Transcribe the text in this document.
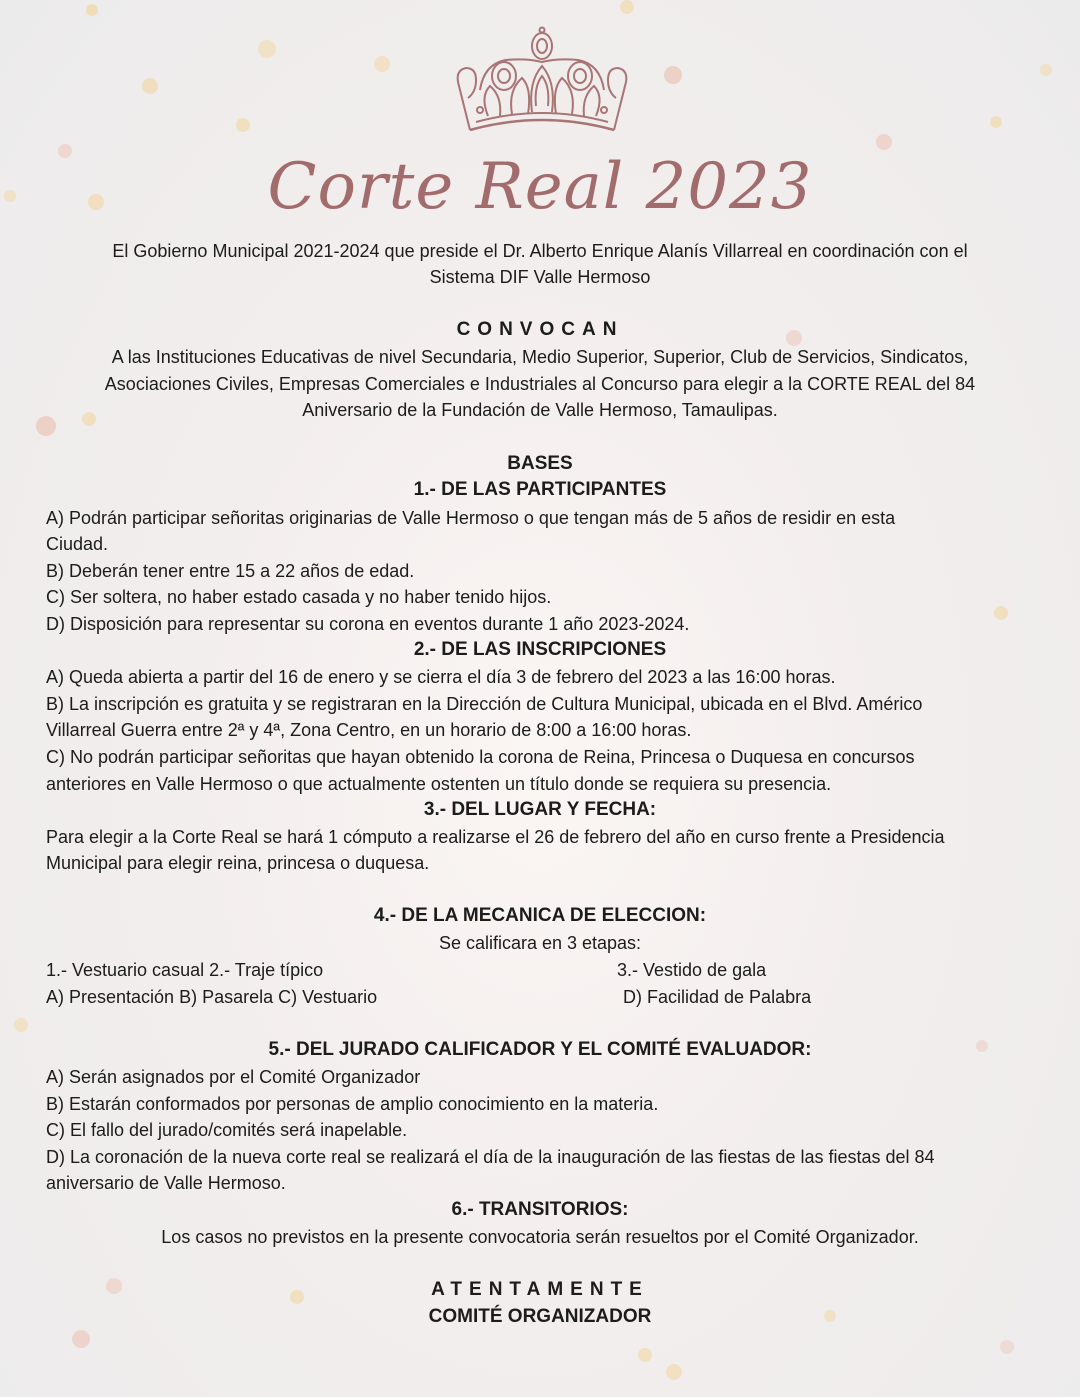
Corte Real 2023
El Gobierno Municipal 2021-2024 que preside el Dr. Alberto Enrique Alanís Villarreal en coordinación con el
Sistema DIF Valle Hermoso
CONVOCAN
A las Instituciones Educativas de nivel Secundaria, Medio Superior, Superior, Club de Servicios, Sindicatos,
Asociaciones Civiles, Empresas Comerciales e Industriales al Concurso para elegir a la CORTE REAL del 84
Aniversario de la Fundación de Valle Hermoso, Tamaulipas.
BASES
1.- DE LAS PARTICIPANTES
A) Podrán participar señoritas originarias de Valle Hermoso o que tengan más de 5 años de residir en esta
Ciudad.
B) Deberán tener entre 15 a 22 años de edad.
C) Ser soltera, no haber estado casada y no haber tenido hijos.
D) Disposición para representar su corona en eventos durante 1 año 2023-2024.
2.- DE LAS INSCRIPCIONES
A) Queda abierta a partir del 16 de enero y se cierra el día 3 de febrero del 2023 a las 16:00 horas.
B) La inscripción es gratuita y se registraran en la Dirección de Cultura Municipal, ubicada en el Blvd. Américo
Villarreal Guerra entre 2ª y 4ª, Zona Centro, en un horario de 8:00 a 16:00 horas.
C) No podrán participar señoritas que hayan obtenido la corona de Reina, Princesa o Duquesa en concursos
anteriores en Valle Hermoso o que actualmente ostenten un título donde se requiera su presencia.
3.- DEL LUGAR Y FECHA:
Para elegir a la Corte Real se hará 1 cómputo a realizarse el 26 de febrero del año en curso frente a Presidencia
Municipal para elegir reina, princesa o duquesa.
4.- DE LA MECANICA DE ELECCION:
Se calificara en 3 etapas:
1.- Vestuario casual 2.- Traje típico	3.- Vestido de gala
A) Presentación B) Pasarela C) Vestuario	D) Facilidad de Palabra
5.- DEL JURADO CALIFICADOR Y EL COMITÉ EVALUADOR:
A) Serán asignados por el Comité Organizador
B) Estarán conformados por personas de amplio conocimiento en la materia.
C) El fallo del jurado/comités será inapelable.
D) La coronación de la nueva corte real se realizará el día de la inauguración de las fiestas de las fiestas del 84
aniversario de Valle Hermoso.
6.- TRANSITORIOS:
Los casos no previstos en la presente convocatoria serán resueltos por el Comité Organizador.
ATENTAMENTE
COMITÉ ORGANIZADOR
